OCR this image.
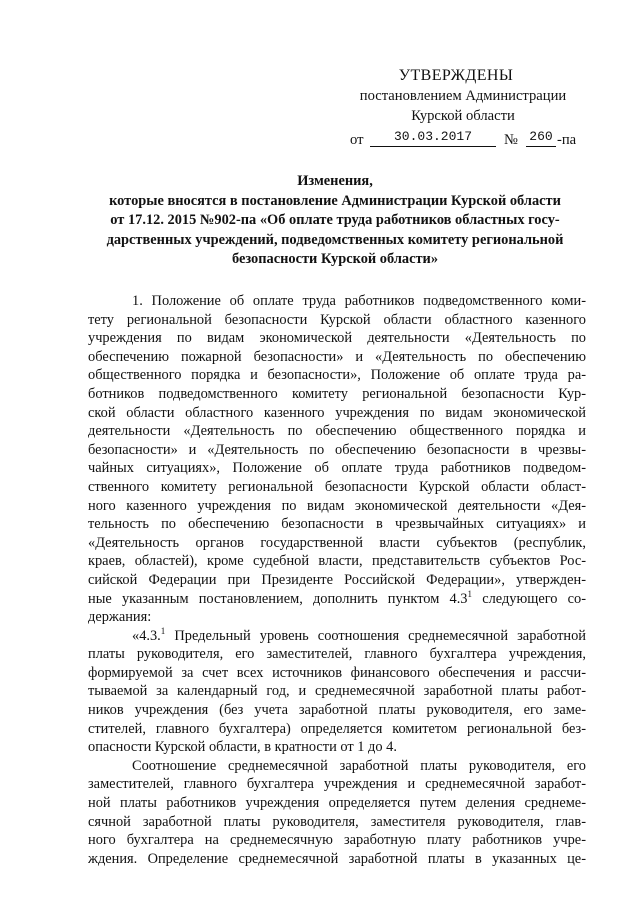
УТВЕРЖДЕНЫ
постановлением Администрации
Курской области
от	30.03.2017	№ 260 -па
Изменения,
которые вносятся в постановление Администрации Курской области
от 17.12. 2015 №902-па «Об оплате труда работников областных госу-
дарственных учреждений, подведомственных комитету региональной
безопасности Курской области»
1. Положение об оплате труда работников подведомственного коми-
тету региональной безопасности Курской области областного казенного
учреждения по видам экономической деятельности «Деятельность по
обеспечению пожарной безопасности» и «Деятельность по обеспечению
общественного порядка и безопасности», Положение об оплате труда ра-
ботников подведомственного комитету региональной безопасности Кур-
ской области областного казенного учреждения по видам экономической
деятельности «Деятельность по обеспечению общественного порядка и
безопасности» и «Деятельность по обеспечению безопасности в чрезвы-
чайных ситуациях», Положение об оплате труда работников подведом-
ственного комитету региональной безопасности Курской области област-
ного казенного учреждения по видам экономической деятельности «Дея-
тельность по обеспечению безопасности в чрезвычайных ситуациях» и
«Деятельность органов государственной власти субъектов (республик,
краев, областей), кроме судебной власти, представительств субъектов Рос-
сийской Федерации при Президенте Российской Федерации», утвержден-
ные указанным постановлением, дополнить пунктом $4.3^1$ следующего со-
держания:
«4.3.$^1$ Предельный уровень соотношения среднемесячной заработной
платы руководителя, его заместителей, главного бухгалтера учреждения,
формируемой за счет всех источников финансового обеспечения и рассчи-
тываемой за календарный год, и среднемесячной заработной платы работ-
ников учреждения (без учета заработной платы руководителя, его заме-
стителей, главного бухгалтера) определяется комитетом региональной без-
опасности Курской области, в кратности от 1 до 4.
Соотношение среднемесячной заработной платы руководителя, его
заместителей, главного бухгалтера учреждения и среднемесячной заработ-
ной платы работников учреждения определяется путем деления среднеме-
сячной заработной платы руководителя, заместителя руководителя, глав-
ного бухгалтера на среднемесячную заработную плату работников учре-
ждения. Определение среднемесячной заработной платы в указанных це-
